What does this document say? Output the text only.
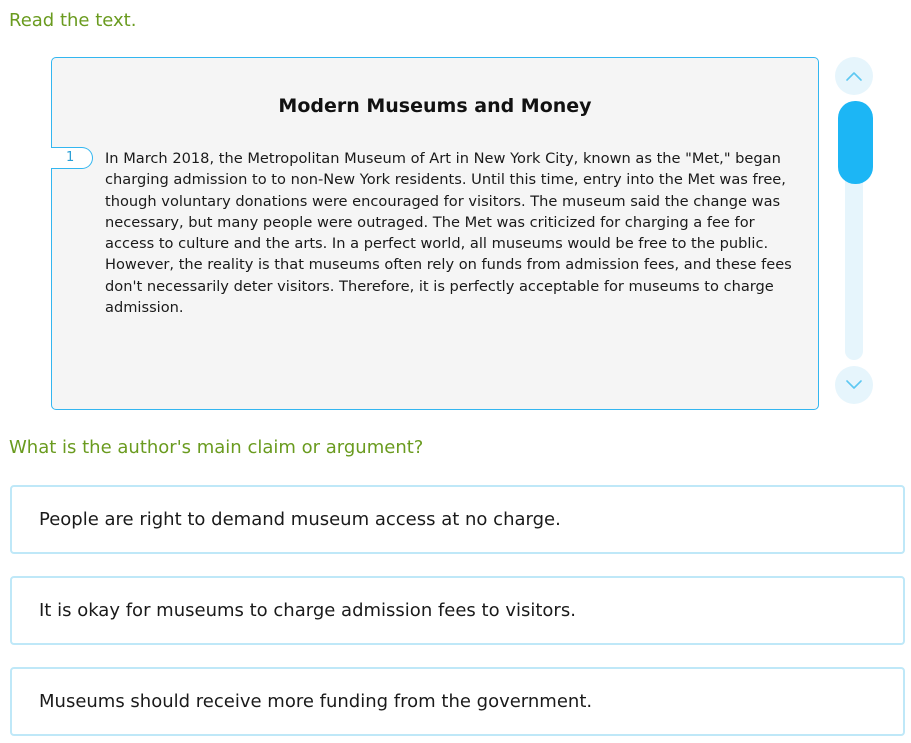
Read the text.
Modern Museums and Money
1	In March 2018, the Metropolitan Museum of Art in New York City, known as the "Met," began charging admission to to non-New York residents. Until this time, entry into the Met was free, though voluntary donations were encouraged for visitors. The museum said the change was necessary, but many people were outraged. The Met was criticized for charging a fee for access to culture and the arts. In a perfect world, all museums would be free to the public. However, the reality is that museums often rely on funds from admission fees, and these fees don't necessarily deter visitors. Therefore, it is perfectly acceptable for museums to charge admission.

What is the author's main claim or argument?
People are right to demand museum access at no charge.
It is okay for museums to charge admission fees to visitors.
Museums should receive more funding from the government.
